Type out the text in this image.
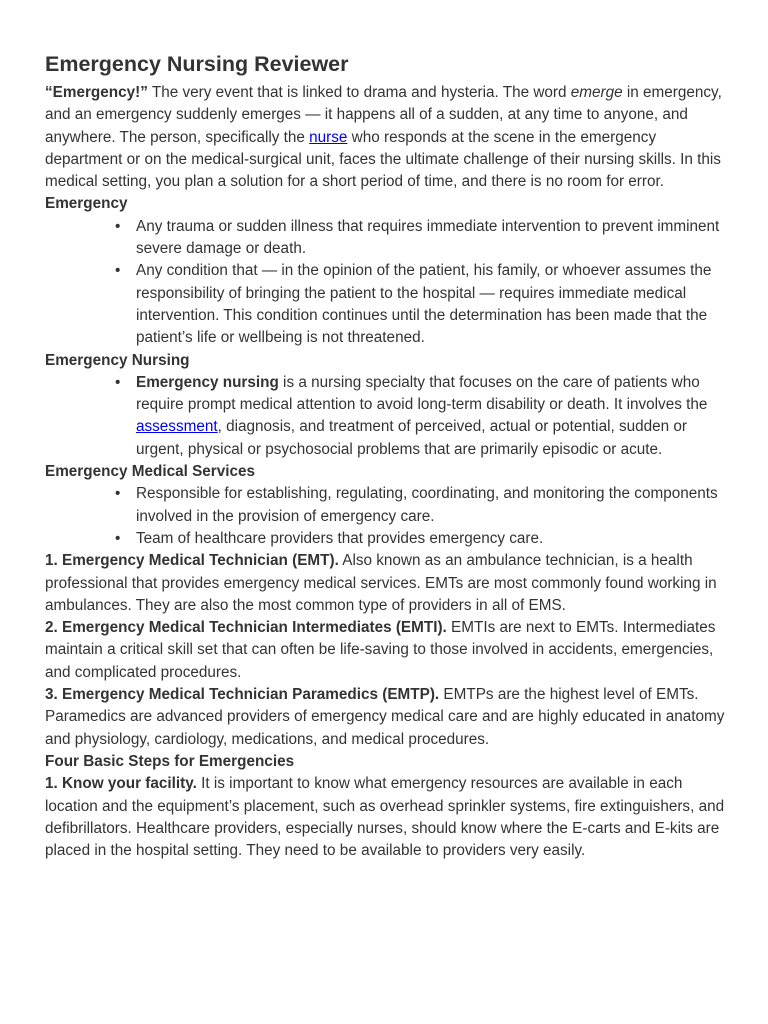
Emergency Nursing Reviewer

“Emergency!” The very event that is linked to drama and hysteria. The word emerge in emergency, and an emergency suddenly emerges — it happens all of a sudden, at any time to anyone, and anywhere. The person, specifically the nurse who responds at the scene in the emergency department or on the medical-surgical unit, faces the ultimate challenge of their nursing skills. In this medical setting, you plan a solution for a short period of time, and there is no room for error.

Emergency
• Any trauma or sudden illness that requires immediate intervention to prevent imminent severe damage or death.
• Any condition that — in the opinion of the patient, his family, or whoever assumes the responsibility of bringing the patient to the hospital — requires immediate medical intervention. This condition continues until the determination has been made that the patient’s life or wellbeing is not threatened.
Emergency Nursing
• Emergency nursing is a nursing specialty that focuses on the care of patients who require prompt medical attention to avoid long-term disability or death. It involves the assessment, diagnosis, and treatment of perceived, actual or potential, sudden or urgent, physical or psychosocial problems that are primarily episodic or acute.
Emergency Medical Services
• Responsible for establishing, regulating, coordinating, and monitoring the components involved in the provision of emergency care.
• Team of healthcare providers that provides emergency care.

1. Emergency Medical Technician (EMT). Also known as an ambulance technician, is a health professional that provides emergency medical services. EMTs are most commonly found working in ambulances. They are also the most common type of providers in all of EMS.

2. Emergency Medical Technician Intermediates (EMTI). EMTIs are next to EMTs. Intermediates maintain a critical skill set that can often be life-saving to those involved in accidents, emergencies, and complicated procedures.

3. Emergency Medical Technician Paramedics (EMTP). EMTPs are the highest level of EMTs. Paramedics are advanced providers of emergency medical care and are highly educated in anatomy and physiology, cardiology, medications, and medical procedures.

Four Basic Steps for Emergencies

1. Know your facility. It is important to know what emergency resources are available in each location and the equipment’s placement, such as overhead sprinkler systems, fire extinguishers, and defibrillators. Healthcare providers, especially nurses, should know where the E-carts and E-kits are placed in the hospital setting. They need to be available to providers very easily.
